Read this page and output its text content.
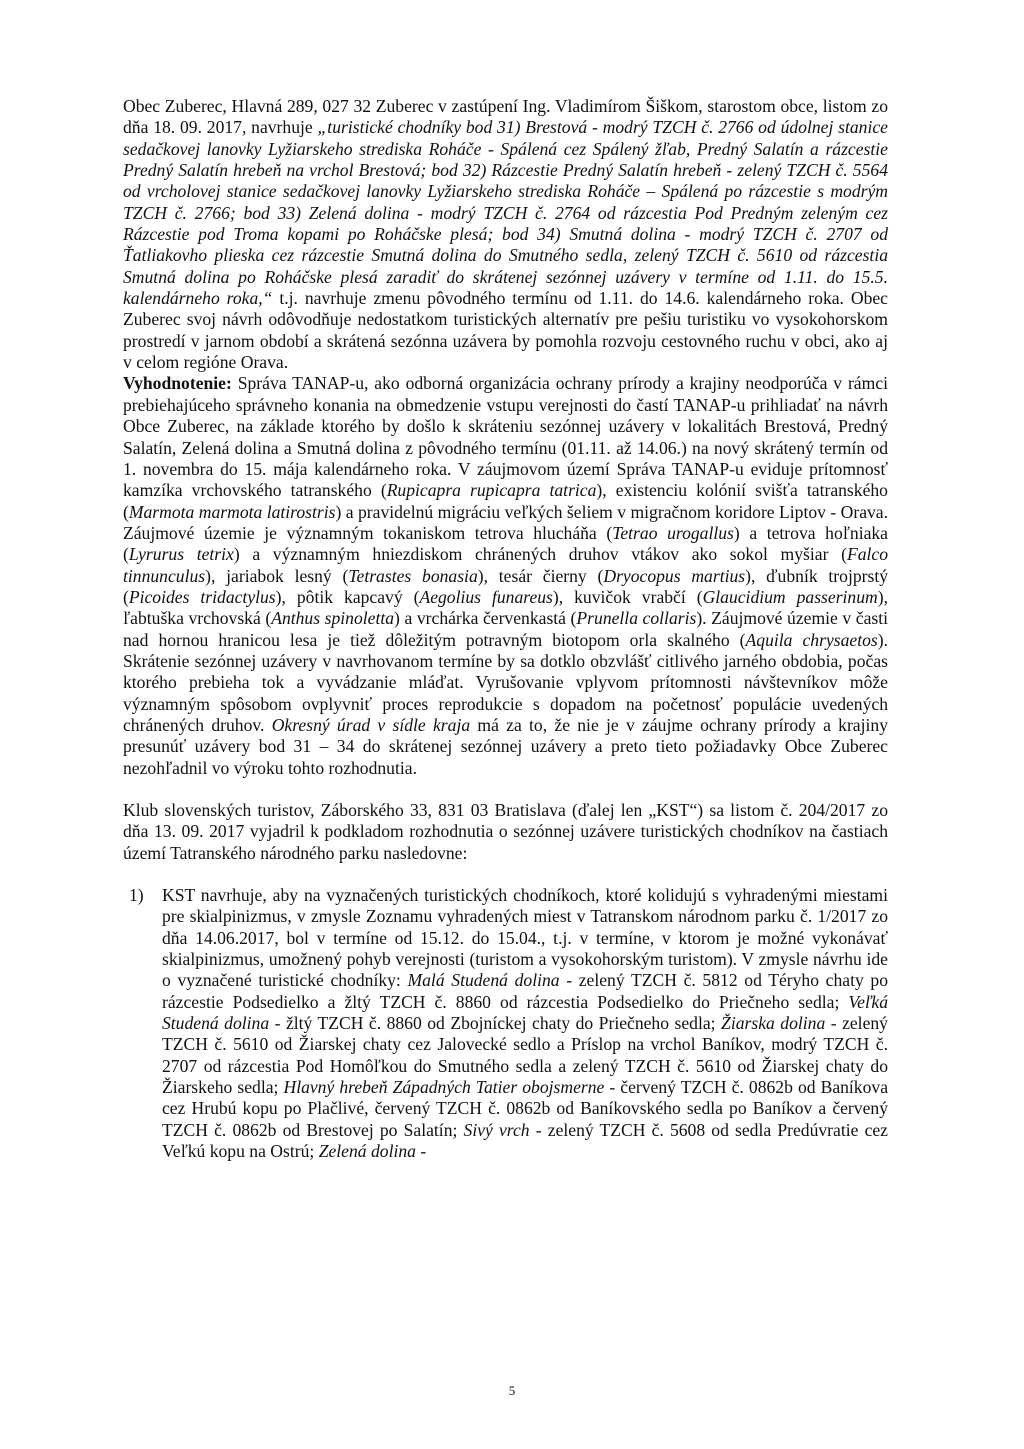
Obec Zuberec, Hlavná 289, 027 32 Zuberec v zastúpení Ing. Vladimírom Šiškom, starostom obce, listom zo dňa 18. 09. 2017, navrhuje „turistické chodníky bod 31) Brestová - modrý TZCH č. 2766 od údolnej stanice sedačkovej lanovky Lyžiarskeho strediska Roháče - Spálená cez Spálený žľab, Predný Salatín a rázcestie Predný Salatín hrebeň na vrchol Brestová; bod 32) Rázcestie Predný Salatín hrebeň - zelený TZCH č. 5564 od vrcholovej stanice sedačkovej lanovky Lyžiarskeho strediska Roháče – Spálená po rázcestie s modrým TZCH č. 2766; bod 33) Zelená dolina - modrý TZCH č. 2764 od rázcestia Pod Predným zeleným cez Rázcestie pod Troma kopami po Roháčske plesá; bod 34) Smutná dolina - modrý TZCH č. 2707 od Ťatliakovho plieska cez rázcestie Smutná dolina do Smutného sedla, zelený TZCH č. 5610 od rázcestia Smutná dolina po Roháčske plesá zaradiť do skrátenej sezónnej uzávery v termíne od 1.11. do 15.5. kalendárneho roka,“ t.j. navrhuje zmenu pôvodného termínu od 1.11. do 14.6. kalendárneho roka. Obec Zuberec svoj návrh odôvodňuje nedostatkom turistických alternatív pre pešiu turistiku vo vysokohorskom prostredí v jarnom období a skrátená sezónna uzávera by pomohla rozvoju cestovného ruchu v obci, ako aj v celom regióne Orava.

Vyhodnotenie: Správa TANAP-u, ako odborná organizácia ochrany prírody a krajiny neodporúča v rámci prebiehajúceho správneho konania na obmedzenie vstupu verejnosti do častí TANAP-u prihliadať na návrh Obce Zuberec, na základe ktorého by došlo k skráteniu sezónnej uzávery v lokalitách Brestová, Predný Salatín, Zelená dolina a Smutná dolina z pôvodného termínu (01.11. až 14.06.) na nový skrátený termín od 1. novembra do 15. mája kalendárneho roka. V záujmovom území Správa TANAP-u eviduje prítomnosť kamzíka vrchovského tatranského (Rupicapra rupicapra tatrica), existenciu kolónií svišťa tatranského (Marmota marmota latirostris) a pravidelnú migráciu veľkých šeliem v migračnom koridore Liptov - Orava. Záujmové územie je významným tokaniskom tetrova hlucháňa (Tetrao urogallus) a tetrova hoľniaka (Lyrurus tetrix) a významným hniezdiskom chránených druhov vtákov ako sokol myšiar (Falco tinnunculus), jariabok lesný (Tetrastes bonasia), tesár čierny (Dryocopus martius), ďubník trojprstý (Picoides tridactylus), pôtik kapcavý (Aegolius funareus), kuvičok vrabčí (Glaucidium passerinum), ľabtuška vrchovská (Anthus spinoletta) a vrchárka červenkastá (Prunella collaris). Záujmové územie v časti nad hornou hranicou lesa je tiež dôležitým potravným biotopom orla skalného (Aquila chrysaetos). Skrátenie sezónnej uzávery v navrhovanom termíne by sa dotklo obzvlášť citlivého jarného obdobia, počas ktorého prebieha tok a vyvádzanie mláďat. Vyrušovanie vplyvom prítomnosti návštevníkov môže významným spôsobom ovplyvniť proces reprodukcie s dopadom na početnosť populácie uvedených chránených druhov. Okresný úrad v sídle kraja má za to, že nie je v záujme ochrany prírody a krajiny presunúť uzávery bod 31 – 34 do skrátenej sezónnej uzávery a preto tieto požiadavky Obce Zuberec nezohľadnil vo výroku tohto rozhodnutia.

Klub slovenských turistov, Záborského 33, 831 03 Bratislava (ďalej len „KST“) sa listom č. 204/2017 zo dňa 13. 09. 2017 vyjadril k podkladom rozhodnutia o sezónnej uzávere turistických chodníkov na častiach území Tatranského národného parku nasledovne:

1) KST navrhuje, aby na vyznačených turistických chodníkoch, ktoré kolidujú s vyhradenými miestami pre skialpinizmus, v zmysle Zoznamu vyhradených miest v Tatranskom národnom parku č. 1/2017 zo dňa 14.06.2017, bol v termíne od 15.12. do 15.04., t.j. v termíne, v ktorom je možné vykonávať skialpinizmus, umožnený pohyb verejnosti (turistom a vysokohorským turistom). V zmysle návrhu ide o vyznačené turistické chodníky: Malá Studená dolina - zelený TZCH č. 5812 od Téryho chaty po rázcestie Podsedielko a žltý TZCH č. 8860 od rázcestia Podsedielko do Priečneho sedla; Veľká Studená dolina - žltý TZCH č. 8860 od Zbojníckej chaty do Priečneho sedla; Žiarska dolina - zelený TZCH č. 5610 od Žiarskej chaty cez Jalovecké sedlo a Príslop na vrchol Baníkov, modrý TZCH č. 2707 od rázcestia Pod Homôľkou do Smutného sedla a zelený TZCH č. 5610 od Žiarskej chaty do Žiarskeho sedla; Hlavný hrebeň Západných Tatier obojsmerne - červený TZCH č. 0862b od Baníkova cez Hrubú kopu po Plačlivé, červený TZCH č. 0862b od Baníkovského sedla po Baníkov a červený TZCH č. 0862b od Brestovej po Salatín; Sivý vrch - zelený TZCH č. 5608 od sedla Predúvratie cez Veľkú kopu na Ostrú; Zelená dolina -
5
